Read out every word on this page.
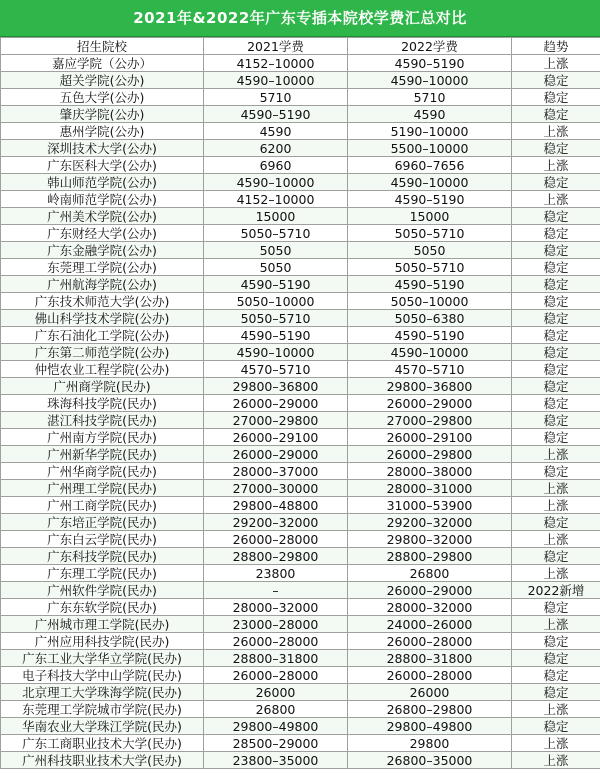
2021年&2022年广东专插本院校学费汇总对比
招生院校	2021学费	2022学费	趋势
嘉应学院（公办）	4152–10000	4590–5190	上涨
超关学院(公办)	4590–10000	4590–10000	稳定
五色大学(公办)	5710	5710	稳定
肇庆学院(公办)	4590–5190	4590	稳定
惠州学院(公办)	4590	5190–10000	上涨
深圳技术大学(公办)	6200	5500–10000	稳定
广东医科大学(公办)	6960	6960–7656	上涨
韩山师范学院(公办)	4590–10000	4590–10000	稳定
岭南师范学院(公办)	4152–10000	4590–5190	上涨
广州美术学院(公办)	15000	15000	稳定
广东财经大学(公办)	5050–5710	5050–5710	稳定
广东金融学院(公办)	5050	5050	稳定
东莞理工学院(公办)	5050	5050–5710	稳定
广州航海学院(公办)	4590–5190	4590–5190	稳定
广东技术师范大学(公办)	5050–10000	5050–10000	稳定
佛山科学技术学院(公办)	5050–5710	5050–6380	稳定
广东石油化工学院(公办)	4590–5190	4590–5190	稳定
广东第二师范学院(公办)	4590–10000	4590–10000	稳定
仲恺农业工程学院(公办)	4570–5710	4570–5710	稳定
广州商学院(民办)	29800–36800	29800–36800	稳定
珠海科技学院(民办)	26000–29000	26000–29000	稳定
湛江科技学院(民办)	27000–29800	27000–29800	稳定
广州南方学院(民办)	26000–29100	26000–29100	稳定
广州新华学院(民办)	26000–29000	26000–29800	上涨
广州华商学院(民办)	28000–37000	28000–38000	稳定
广州理工学院(民办)	27000–30000	28000–31000	上涨
广州工商学院(民办)	29800–48800	31000–53900	上涨
广东培正学院(民办)	29200–32000	29200–32000	稳定
广东白云学院(民办)	26000–28000	29800–32000	上涨
广东科技学院(民办)	28800–29800	28800–29800	稳定
广东理工学院(民办)	23800	26800	上涨
广州软件学院(民办)	–	26000–29000	2022新增
广东东软学院(民办)	28000–32000	28000–32000	稳定
广州城市理工学院(民办)	23000–28000	24000–26000	上涨
广州应用科技学院(民办)	26000–28000	26000–28000	稳定
广东工业大学华立学院(民办)	28800–31800	28800–31800	稳定
电子科技大学中山学院(民办)	26000–28000	26000–28000	稳定
北京理工大学珠海学院(民办)	26000	26000	稳定
东莞理工学院城市学院(民办)	26800	26800–29800	上涨
华南农业大学珠江学院(民办)	29800–49800	29800–49800	稳定
广东工商职业技术大学(民办)	28500–29000	29800	上涨
广州科技职业技术大学(民办)	23800–35000	26800–35000	上涨
